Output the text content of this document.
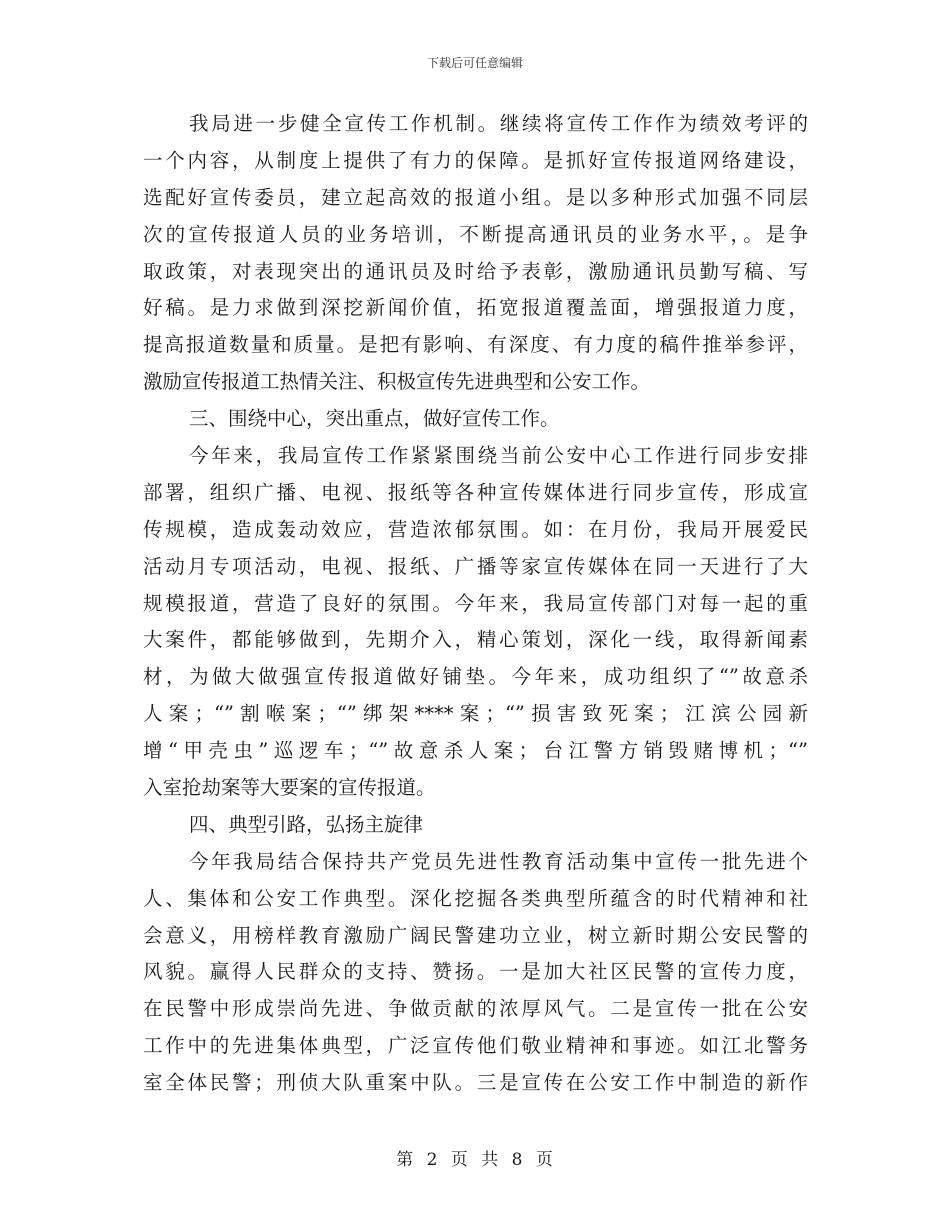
下载后可任意编辑
我局进一步健全宣传工作机制。继续将宣传工作作为绩效考评的
一个内容，从制度上提供了有力的保障。是抓好宣传报道网络建设，
选配好宣传委员，建立起高效的报道小组。是以多种形式加强不同层
次的宣传报道人员的业务培训，不断提高通讯员的业务水平，。是争
取政策，对表现突出的通讯员及时给予表彰，激励通讯员勤写稿、写
好稿。是力求做到深挖新闻价值，拓宽报道覆盖面，增强报道力度，
提高报道数量和质量。是把有影响、有深度、有力度的稿件推举参评，
激励宣传报道工热情关注、积极宣传先进典型和公安工作。
三、围绕中心，突出重点，做好宣传工作。
今年来，我局宣传工作紧紧围绕当前公安中心工作进行同步安排
部署，组织广播、电视、报纸等各种宣传媒体进行同步宣传，形成宣
传规模，造成轰动效应，营造浓郁氛围。如：在月份，我局开展爱民
活动月专项活动，电视、报纸、广播等家宣传媒体在同一天进行了大
规模报道，营造了良好的氛围。今年来，我局宣传部门对每一起的重
大案件，都能够做到，先期介入，精心策划，深化一线，取得新闻素
材，为做大做强宣传报道做好铺垫。今年来，成功组织了“”故意杀
人案；“”割喉案；“”绑架****案；“”损害致死案；江滨公园新
增“甲壳虫”巡逻车；“”故意杀人案；台江警方销毁赌博机；“”
入室抢劫案等大要案的宣传报道。
四、典型引路，弘扬主旋律
今年我局结合保持共产党员先进性教育活动集中宣传一批先进个
人、集体和公安工作典型。深化挖掘各类典型所蕴含的时代精神和社
会意义，用榜样教育激励广阔民警建功立业，树立新时期公安民警的
风貌。赢得人民群众的支持、赞扬。一是加大社区民警的宣传力度，
在民警中形成崇尚先进、争做贡献的浓厚风气。二是宣传一批在公安
工作中的先进集体典型，广泛宣传他们敬业精神和事迹。如江北警务
室全体民警；刑侦大队重案中队。三是宣传在公安工作中制造的新作
第 2 页 共 8 页
